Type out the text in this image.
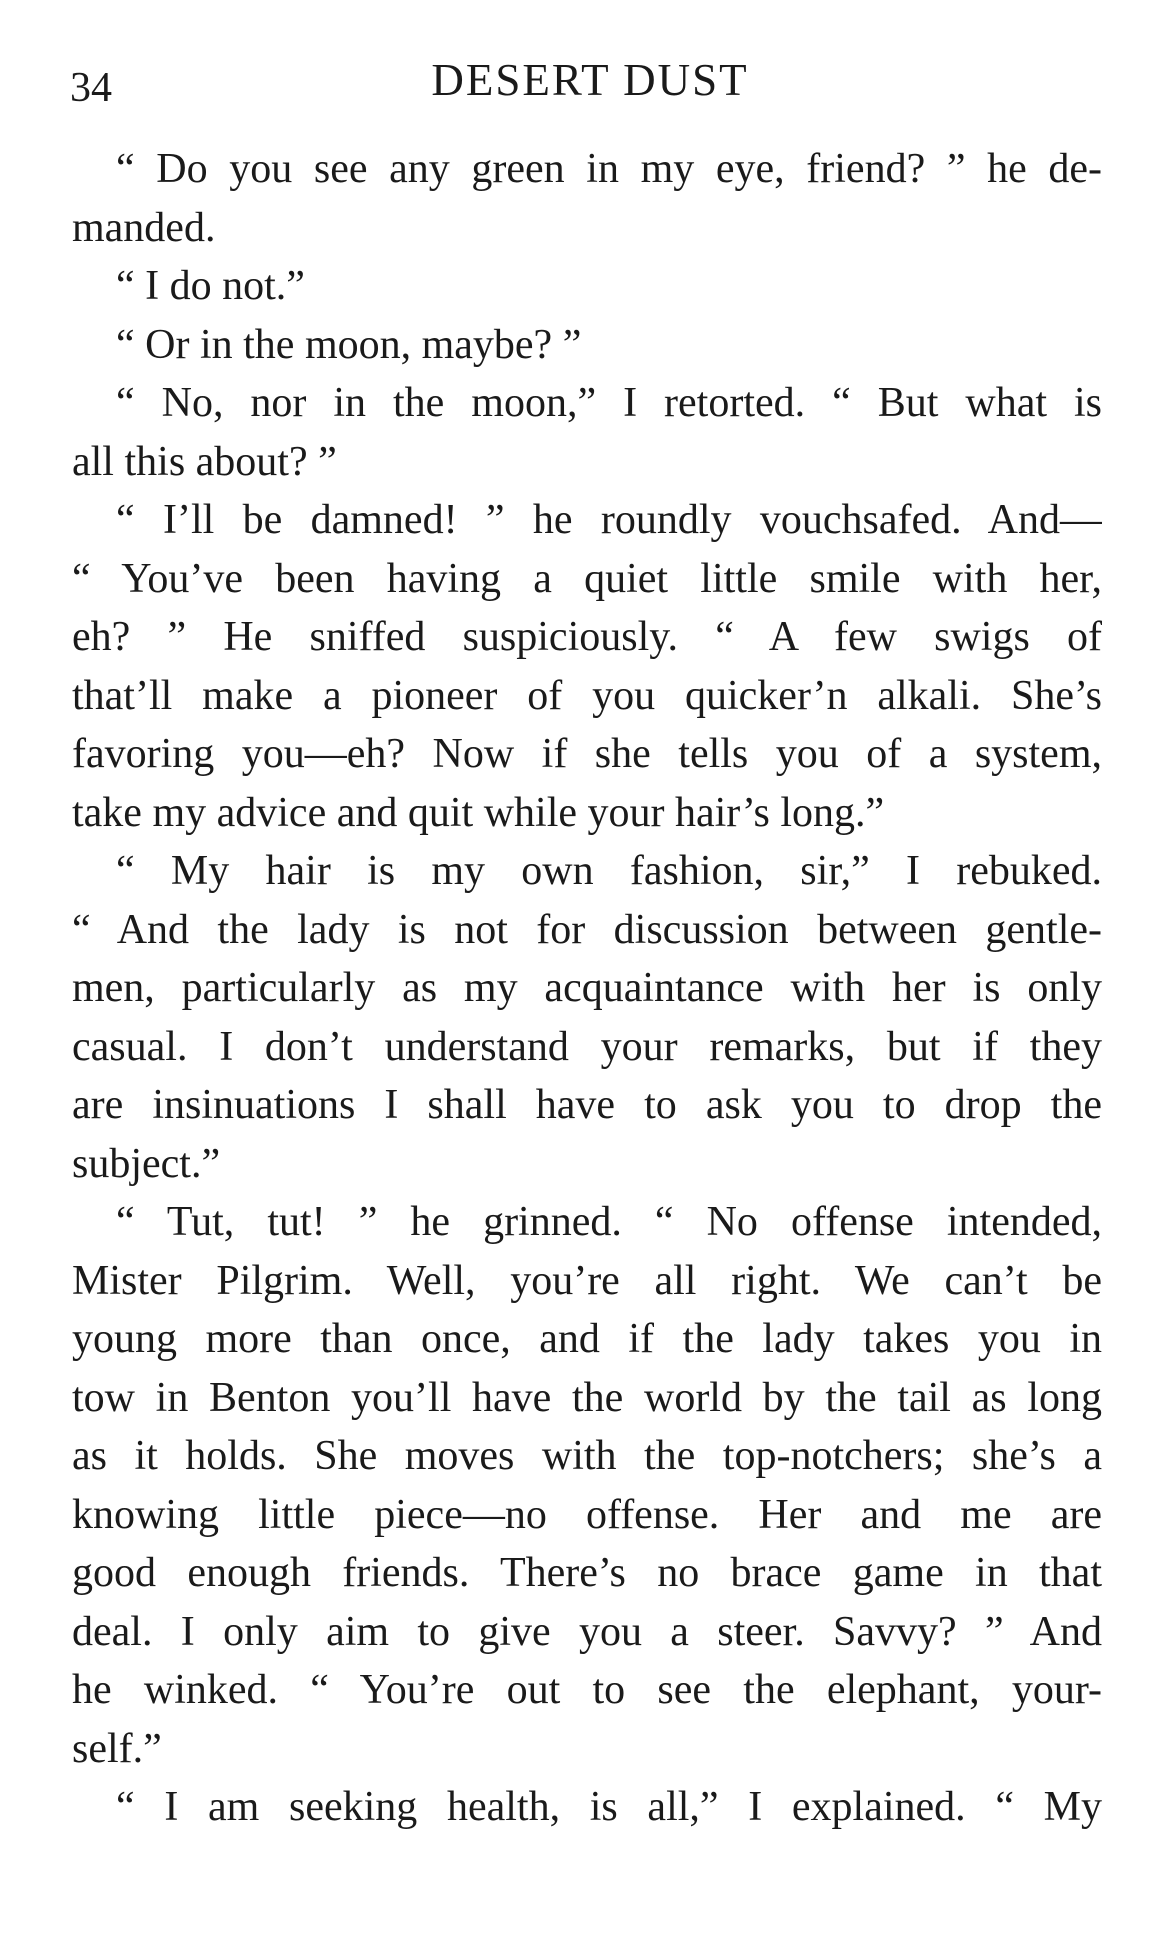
34	DESERT DUST
“ Do you see any green in my eye, friend? ” he de-
manded.
“ I do not.”
“ Or in the moon, maybe? ”
“ No, nor in the moon,” I retorted. “ But what is
all this about? ”
“ I’ll be damned! ” he roundly vouchsafed. And—
“ You’ve been having a quiet little smile with her,
eh? ” He sniffed suspiciously. “ A few swigs of
that’ll make a pioneer of you quicker’n alkali. She’s
favoring you—eh? Now if she tells you of a system,
take my advice and quit while your hair’s long.”
“ My hair is my own fashion, sir,” I rebuked.
“ And the lady is not for discussion between gentle-
men, particularly as my acquaintance with her is only
casual. I don’t understand your remarks, but if they
are insinuations I shall have to ask you to drop the
subject.”
“ Tut, tut! ” he grinned. “ No offense intended,
Mister Pilgrim. Well, you’re all right. We can’t be
young more than once, and if the lady takes you in
tow in Benton you’ll have the world by the tail as long
as it holds. She moves with the top-notchers; she’s a
knowing little piece—no offense. Her and me are
good enough friends. There’s no brace game in that
deal. I only aim to give you a steer. Savvy? ” And
he winked. “ You’re out to see the elephant, your-
self.”
“ I am seeking health, is all,” I explained. “ My
